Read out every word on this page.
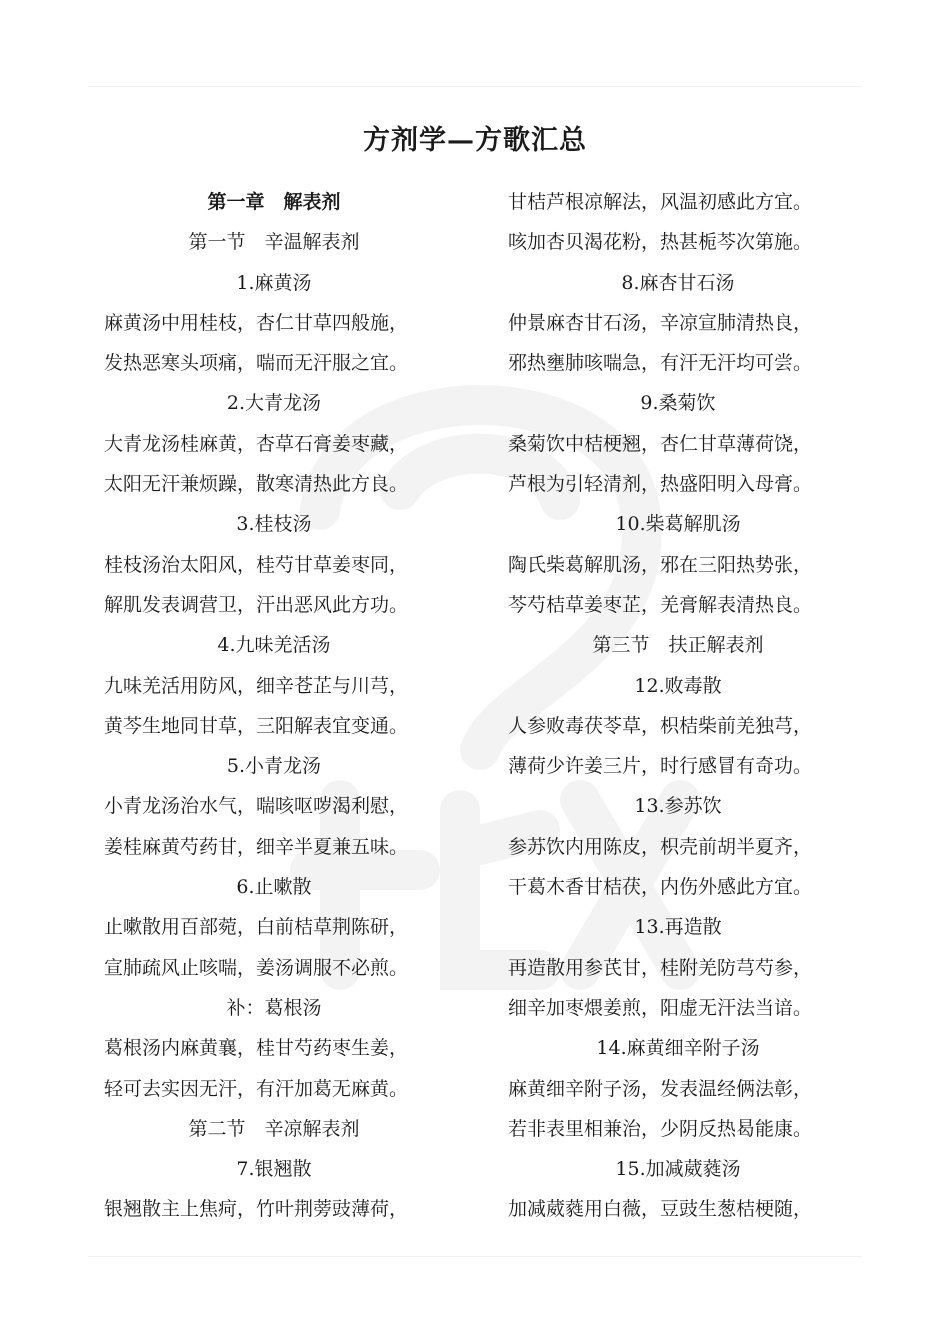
方剂学—方歌汇总
第一章　解表剂
第一节　辛温解表剂
1.麻黄汤
麻黄汤中用桂枝，杏仁甘草四般施，
发热恶寒头项痛，喘而无汗服之宜。
2.大青龙汤
大青龙汤桂麻黄，杏草石膏姜枣藏，
太阳无汗兼烦躁，散寒清热此方良。
3.桂枝汤
桂枝汤治太阳风，桂芍甘草姜枣同，
解肌发表调营卫，汗出恶风此方功。
4.九味羌活汤
九味羌活用防风，细辛苍芷与川芎，
黄芩生地同甘草，三阳解表宜变通。
5.小青龙汤
小青龙汤治水气，喘咳呕哕渴利慰，
姜桂麻黄芍药甘，细辛半夏兼五味。
6.止嗽散
止嗽散用百部菀，白前桔草荆陈研，
宣肺疏风止咳喘，姜汤调服不必煎。
补：葛根汤
葛根汤内麻黄襄，桂甘芍药枣生姜，
轻可去实因无汗，有汗加葛无麻黄。
第二节　辛凉解表剂
7.银翘散
银翘散主上焦疴，竹叶荆蒡豉薄荷，
甘桔芦根凉解法，风温初感此方宜。
咳加杏贝渴花粉，热甚栀芩次第施。
8.麻杏甘石汤
仲景麻杏甘石汤，辛凉宣肺清热良，
邪热壅肺咳喘急，有汗无汗均可尝。
9.桑菊饮
桑菊饮中桔梗翘，杏仁甘草薄荷饶，
芦根为引轻清剂，热盛阳明入母膏。
10.柴葛解肌汤
陶氏柴葛解肌汤，邪在三阳热势张，
芩芍桔草姜枣芷，羌膏解表清热良。
第三节　扶正解表剂
12.败毒散
人参败毒茯苓草，枳桔柴前羌独芎，
薄荷少许姜三片，时行感冒有奇功。
13.参苏饮
参苏饮内用陈皮，枳壳前胡半夏齐，
干葛木香甘桔茯，内伤外感此方宜。
13.再造散
再造散用参芪甘，桂附羌防芎芍参，
细辛加枣煨姜煎，阳虚无汗法当谙。
14.麻黄细辛附子汤
麻黄细辛附子汤，发表温经俩法彰，
若非表里相兼治，少阴反热曷能康。
15.加减葳蕤汤
加减葳蕤用白薇，豆豉生葱桔梗随，
